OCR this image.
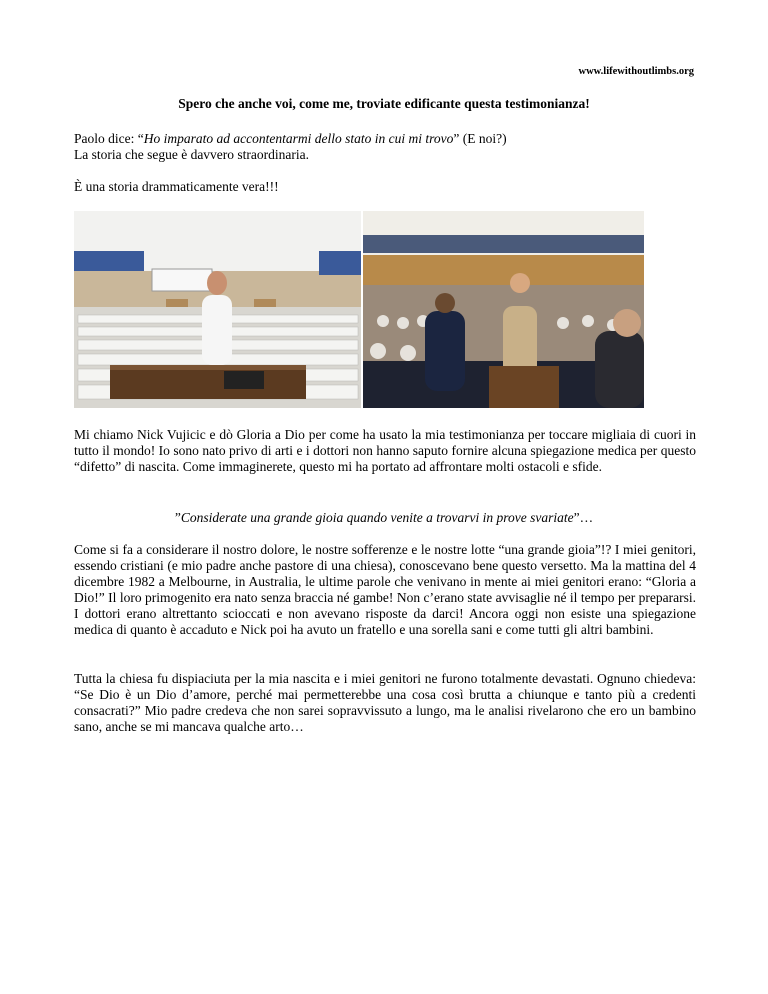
www.lifewithoutlimbs.org
Spero che anche voi, come me, troviate edificante questa testimonianza!
Paolo dice: “Ho imparato ad accontentarmi dello stato in cui mi trovo” (E noi?)
La storia che segue è davvero straordinaria.
È una storia drammaticamente vera!!!
Mi chiamo Nick Vujicic e dò Gloria a Dio per come ha usato la mia testimonianza per toccare migliaia di cuori in tutto il mondo! Io sono nato privo di arti e i dottori non hanno saputo fornire alcuna spiegazione medica per questo “difetto” di nascita. Come immaginerete, questo mi ha portato ad affrontare molti ostacoli e sfide.
”Considerate una grande gioia quando venite a trovarvi in prove svariate”…
Come si fa a considerare il nostro dolore, le nostre sofferenze e le nostre lotte “una grande gioia”!? I miei genitori, essendo cristiani (e mio padre anche pastore di una chiesa), conoscevano bene questo versetto. Ma la mattina del 4 dicembre 1982 a Melbourne, in Australia, le ultime parole che venivano in mente ai miei genitori erano: “Gloria a Dio!” Il loro primogenito era nato senza braccia né gambe! Non c’erano state avvisaglie né il tempo per prepararsi. I dottori erano altrettanto scioccati e non avevano risposte da darci! Ancora oggi non esiste una spiegazione medica di quanto è accaduto e Nick poi ha avuto un fratello e una sorella sani e come tutti gli altri bambini.
Tutta la chiesa fu dispiaciuta per la mia nascita e i miei genitori ne furono totalmente devastati. Ognuno chiedeva: “Se Dio è un Dio d’amore, perché mai permetterebbe una cosa così brutta a chiunque e tanto più a credenti consacrati?” Mio padre credeva che non sarei sopravvissuto a lungo, ma le analisi rivelarono che ero un bambino sano, anche se mi mancava qualche arto…
